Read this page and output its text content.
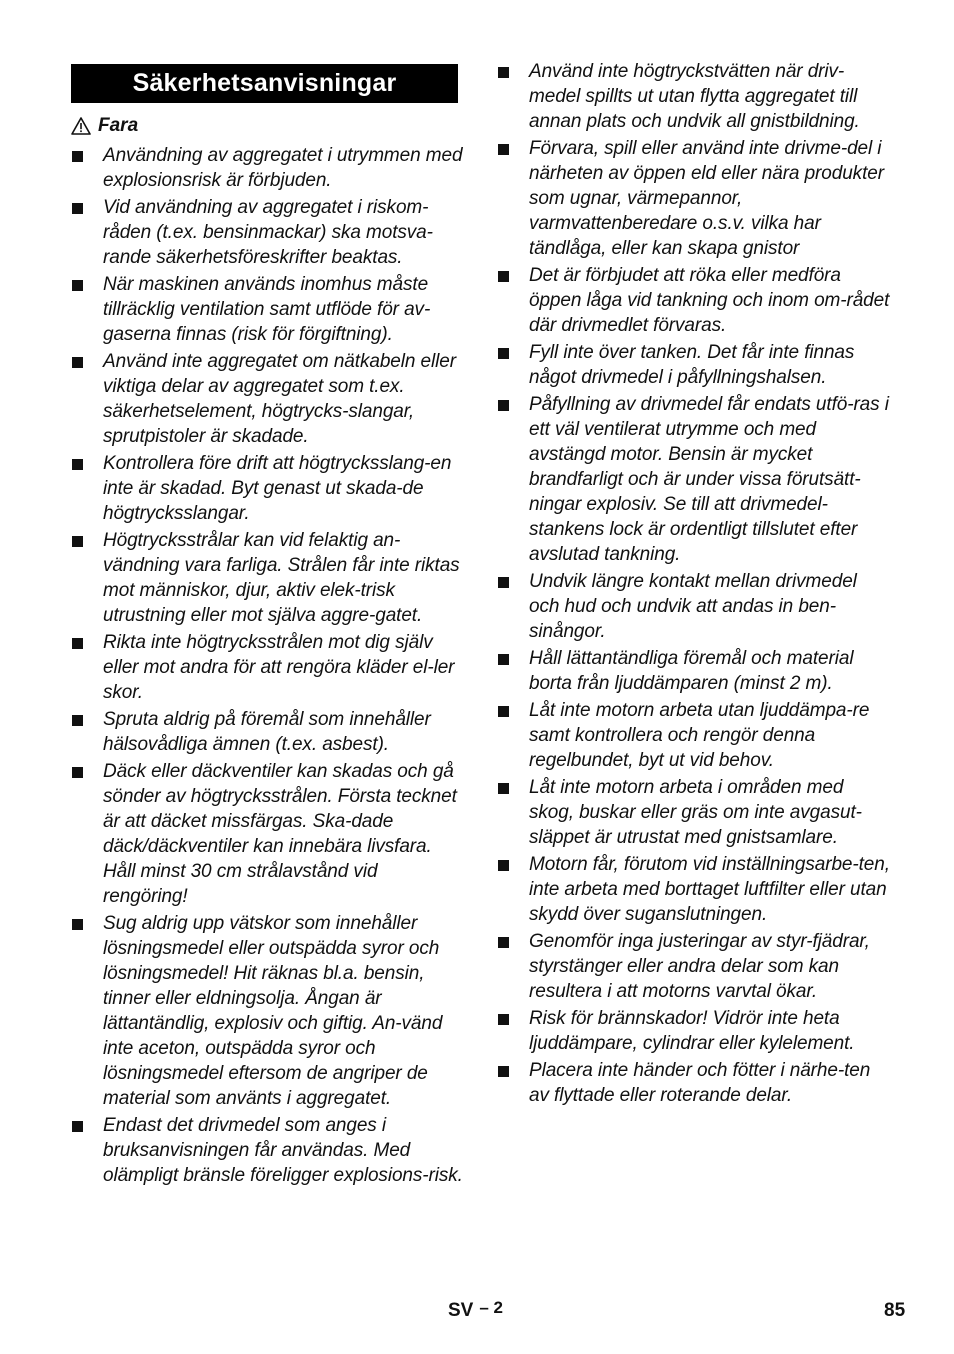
Säkerhetsanvisningar
Fara
Användning av aggregatet i utrymmen med explosionsrisk är förbjuden.
Vid användning av aggregatet i riskom-råden (t.ex. bensinmackar) ska motsva-rande säkerhetsföreskrifter beaktas.
När maskinen används inomhus måste tillräcklig ventilation samt utflöde för av-gaserna finnas (risk för förgiftning).
Använd inte aggregatet om nätkabeln eller viktiga delar av aggregatet som t.ex. säkerhetselement, högtrycks-slangar, sprutpistoler är skadade.
Kontrollera före drift att högtrycksslang-en inte är skadad. Byt genast ut skada-de högtrycksslangar.
Högtrycksstrålar kan vid felaktig an-vändning vara farliga. Strålen får inte riktas mot människor, djur, aktiv elek-trisk utrustning eller mot själva aggre-gatet.
Rikta inte högtrycksstrålen mot dig själv eller mot andra för att rengöra kläder el-ler skor.
Spruta aldrig på föremål som innehåller hälsovådliga ämnen (t.ex. asbest).
Däck eller däckventiler kan skadas och gå sönder av högtrycksstrålen. Första tecknet är att däcket missfärgas. Ska-dade däck/däckventiler kan innebära livsfara. Håll minst 30 cm strålavstånd vid rengöring!
Sug aldrig upp vätskor som innehåller lösningsmedel eller outspädda syror och lösningsmedel! Hit räknas bl.a. bensin, tinner eller eldningsolja. Ångan är lättantändlig, explosiv och giftig. An-vänd inte aceton, outspädda syror och lösningsmedel eftersom de angriper de material som använts i aggregatet.
Endast det drivmedel som anges i bruksanvisningen får användas. Med olämpligt bränsle föreligger explosions-risk.
Använd inte högtryckstvätten när driv-medel spillts ut utan flytta aggregatet till annan plats och undvik all gnistbildning.
Förvara, spill eller använd inte drivme-del i närheten av öppen eld eller nära produkter som ugnar, värmepannor, varmvattenberedare o.s.v. vilka har tändlåga, eller kan skapa gnistor
Det är förbjudet att röka eller medföra öppen låga vid tankning och inom om-rådet där drivmedlet förvaras.
Fyll inte över tanken. Det får inte finnas något drivmedel i påfyllningshalsen.
Påfyllning av drivmedel får endats utfö-ras i ett väl ventilerat utrymme och med avstängd motor. Bensin är mycket brandfarligt och är under vissa förutsätt-ningar explosiv. Se till att drivmedel-stankens lock är ordentligt tillslutet efter avslutad tankning.
Undvik längre kontakt mellan drivmedel och hud och undvik att andas in ben-sinångor.
Håll lättantändliga föremål och material borta från ljuddämparen (minst 2 m).
Låt inte motorn arbeta utan ljuddämpa-re samt kontrollera och rengör denna regelbundet, byt ut vid behov.
Låt inte motorn arbeta i områden med skog, buskar eller gräs om inte avgasut-släppet är utrustat med gnistsamlare.
Motorn får, förutom vid inställningsarbe-ten, inte arbeta med borttaget luftfilter eller utan skydd över suganslutningen.
Genomför inga justeringar av styr-fjädrar, styrstänger eller andra delar som kan resultera i att motorns varvtal ökar.
Risk för brännskador! Vidrör inte heta ljuddämpare, cylindrar eller kylelement.
Placera inte händer och fötter i närhe-ten av flyttade eller roterande delar.
SV – 2	85
